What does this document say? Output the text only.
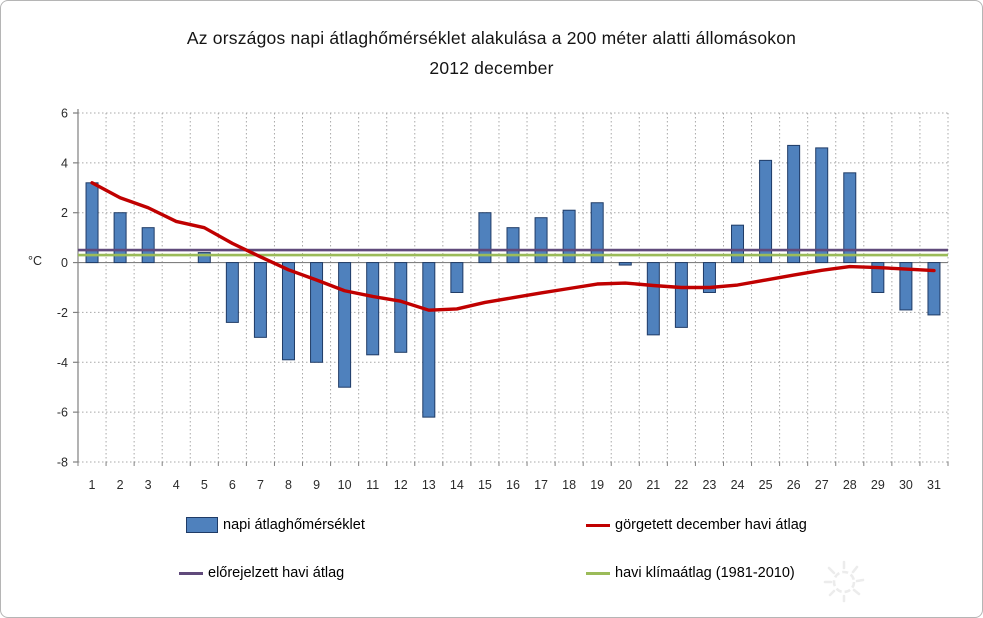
Az országos napi átlaghőmérséklet alakulása a 200 méter alatti állomásokon
2012 december
6
4
2
0
-2
-4
-6
-8
1 2 3 4 5 6 7 8 9 10 11 12 13 14 15 16 17 18 19 20 21 22 23 24 25 26 27 28 29 30 31
°C
napi átlaghőmérséklet	görgetett december havi átlag
előrejelzett havi átlag	havi klímaátlag (1981-2010)
